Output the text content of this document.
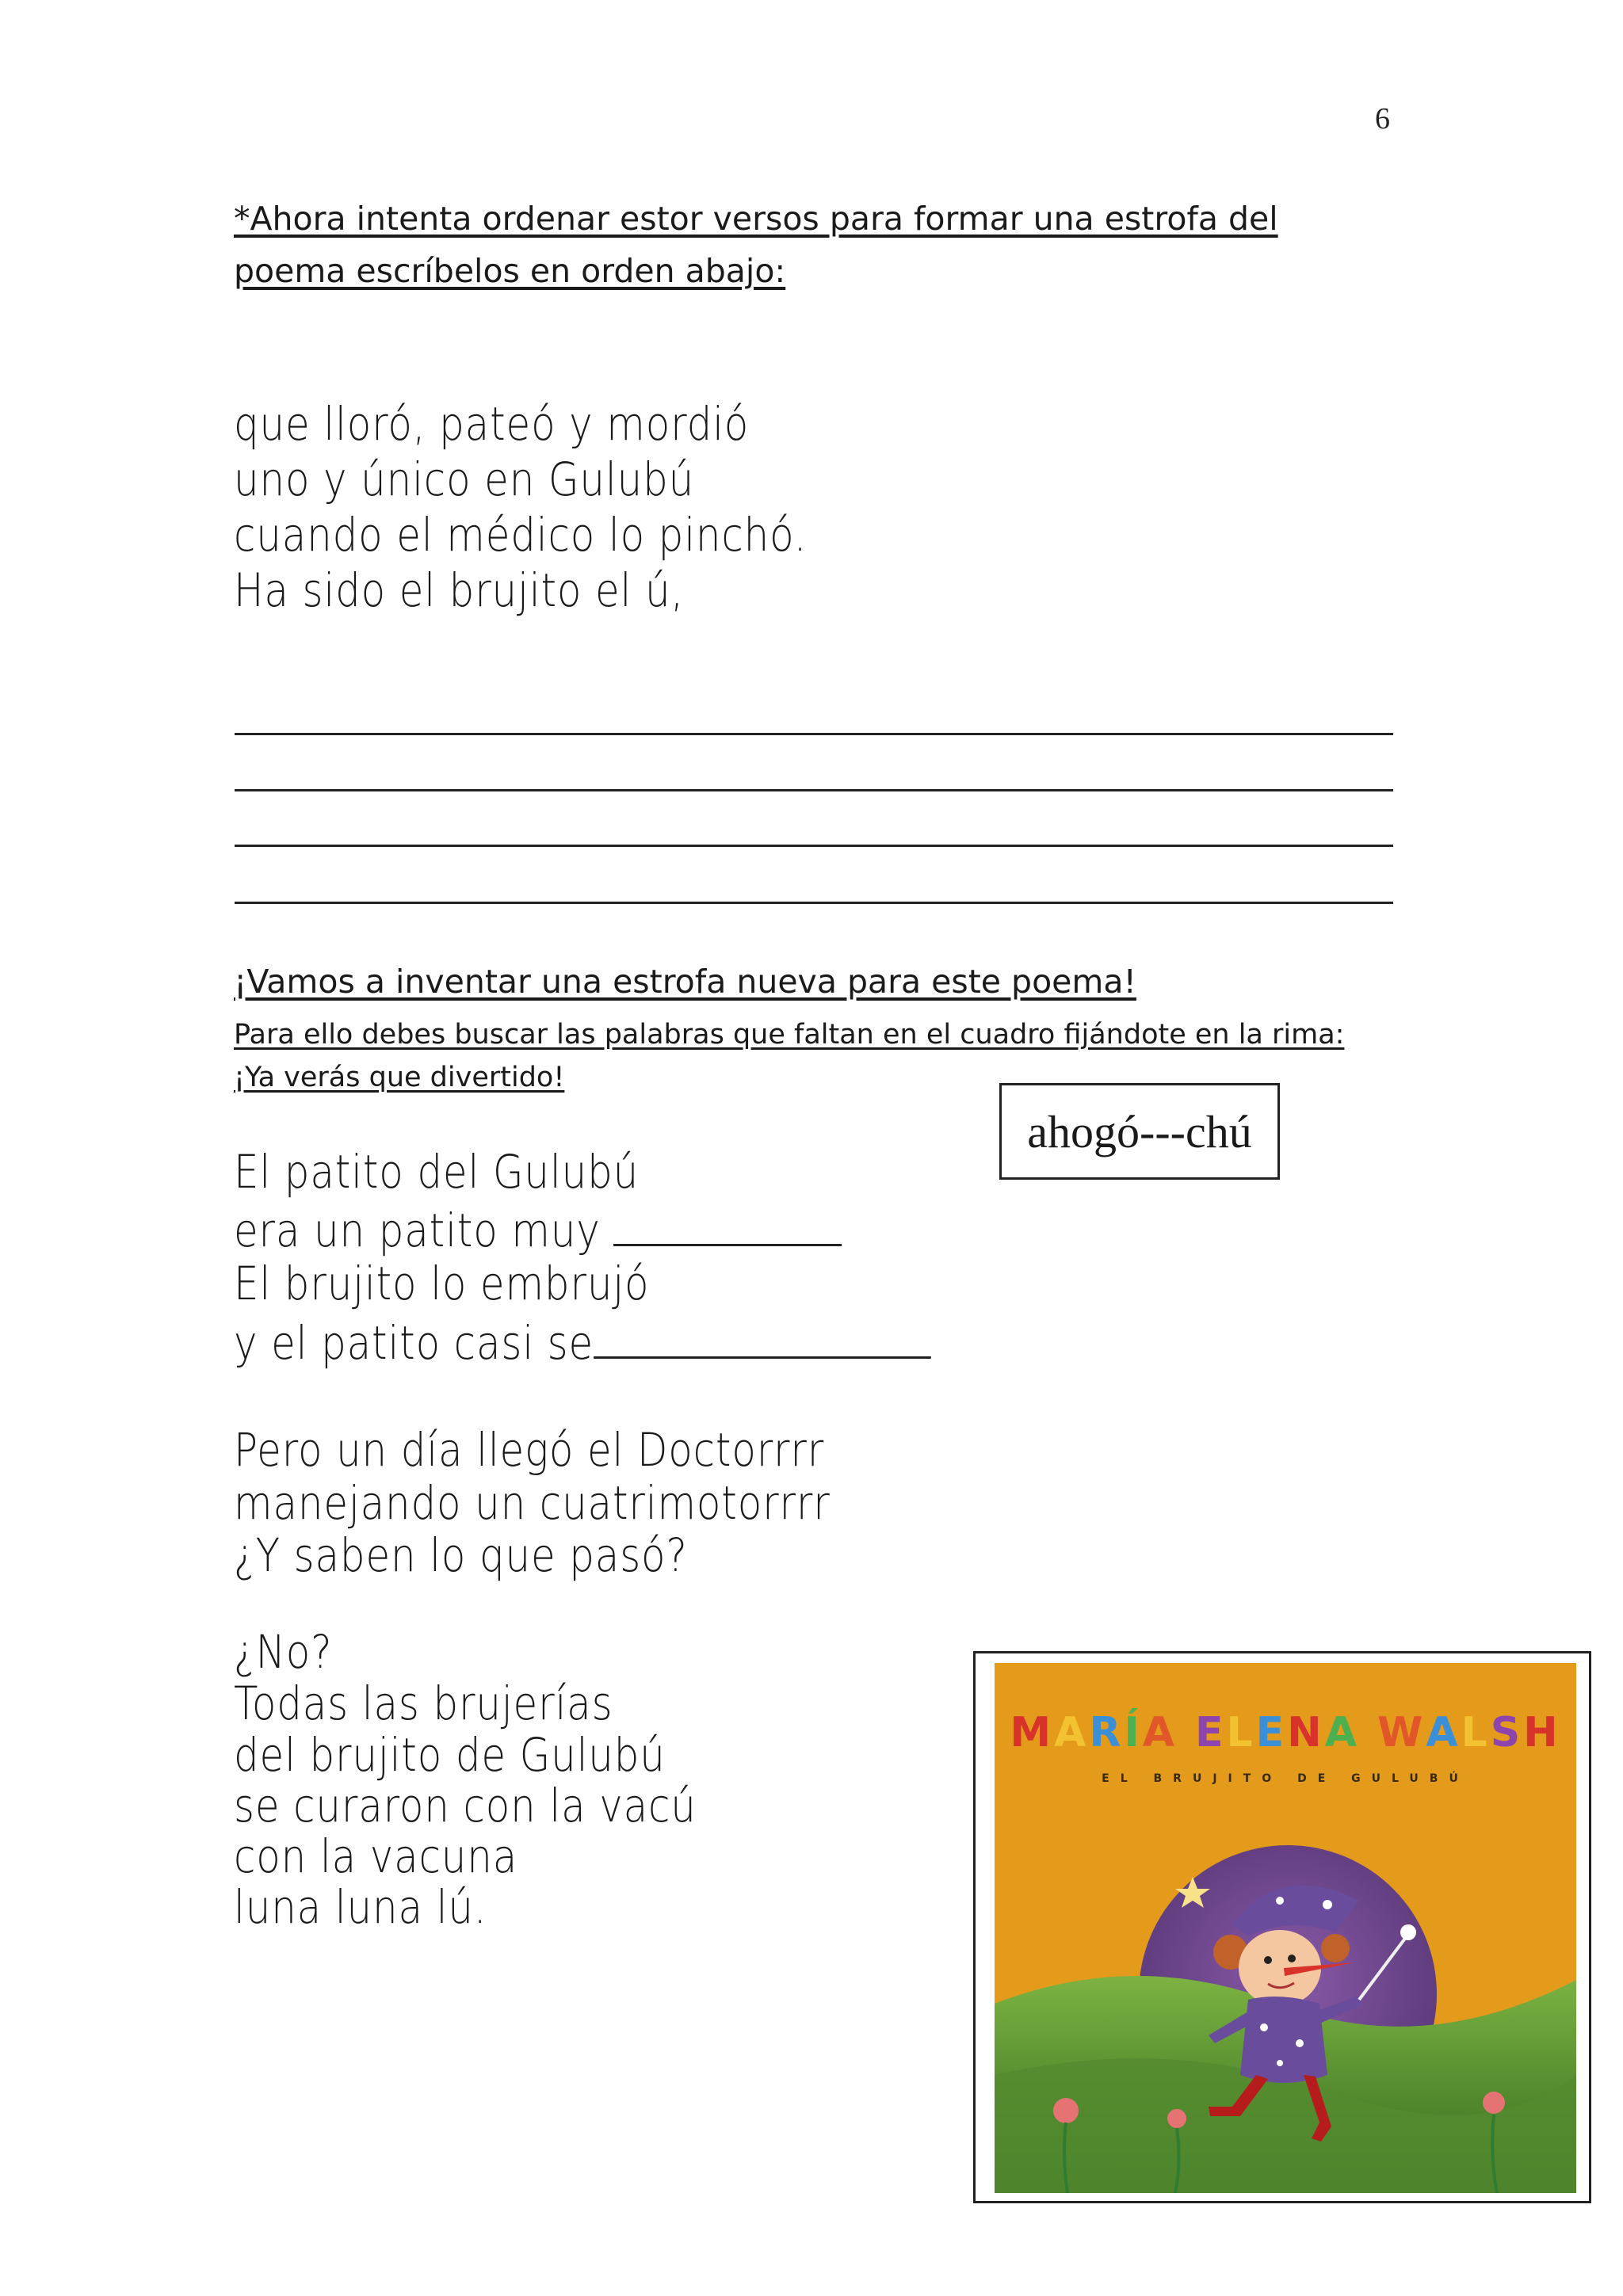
6
*Ahora intenta ordenar estor versos para formar una estrofa del
poema escríbelos en orden abajo:
que lloró, pateó y mordió
uno y único en Gulubú
cuando el médico lo pinchó.
Ha sido el brujito el ú,
¡Vamos a inventar una estrofa nueva para este poema!
Para ello debes buscar las palabras que faltan en el cuadro fijándote en la rima:
¡Ya verás que divertido!
ahogó---chú
El patito del Gulubú
era un patito muy
El brujito lo embrujó
y el patito casi se
Pero un día llegó el Doctorrrr
manejando un cuatrimotorrrr
¿Y saben lo que pasó?
¿No?
Todas las brujerías
del brujito de Gulubú
se curaron con la vacú
con la vacuna
luna luna lú.
MARÍA ELENA WALSH
EL BRUJITO DE GULUBÚ
